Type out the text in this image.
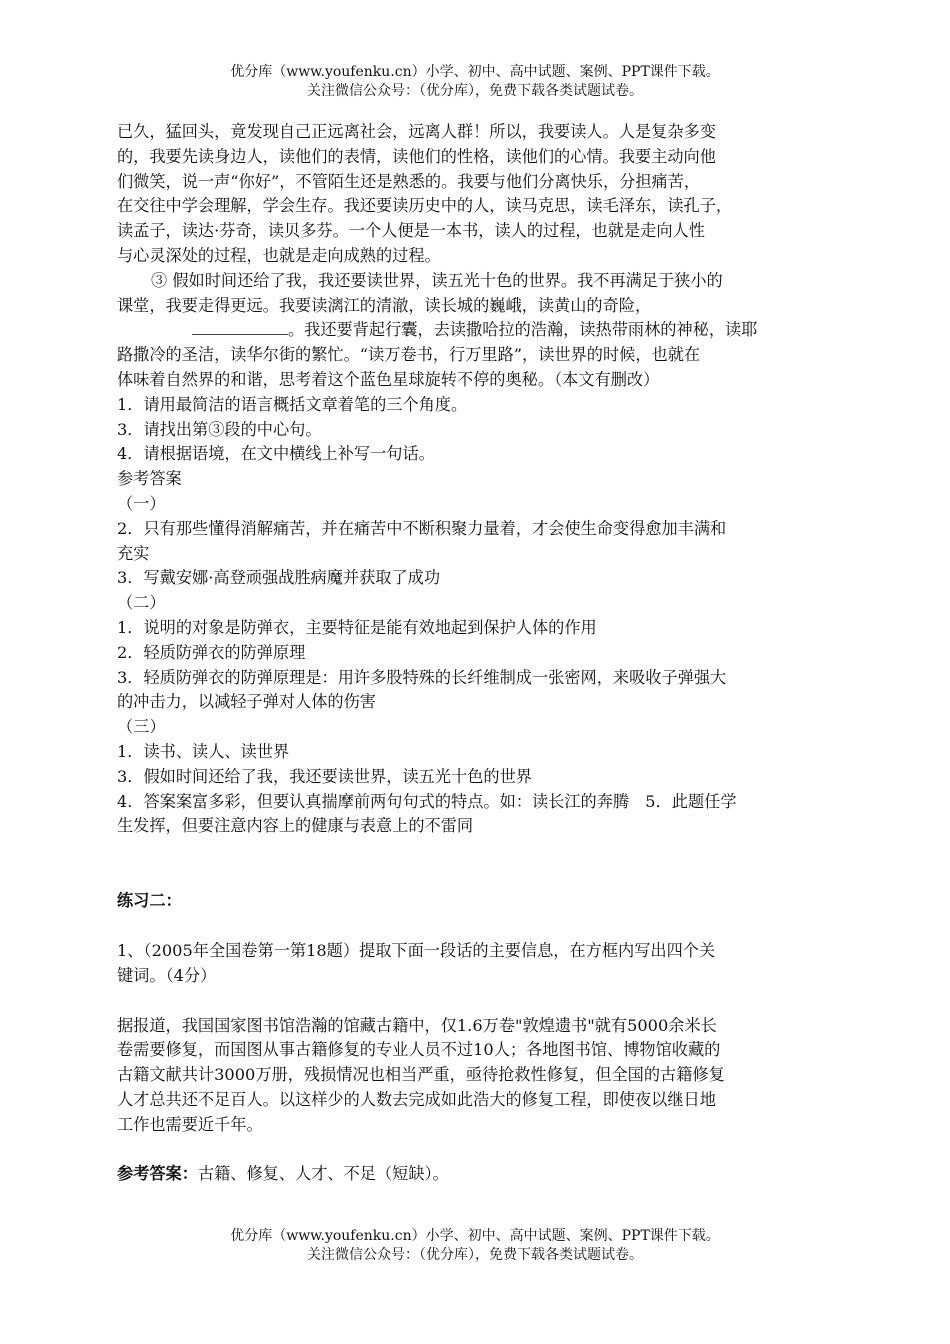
优分库（www.youfenku.cn）小学、初中、高中试题、案例、PPT课件下载。
关注微信公众号：（优分库），免费下载各类试题试卷。

已久，猛回头，竟发现自己正远离社会，远离人群！所以，我要读人。人是复杂多变

的，我要先读身边人，读他们的表情，读他们的性格，读他们的心情。我要主动向他

们微笑，说一声“你好”，不管陌生还是熟悉的。我要与他们分离快乐，分担痛苦，

在交往中学会理解，学会生存。我还要读历史中的人，读马克思，读毛泽东，读孔子，

读孟子，读达·芬奇，读贝多芬。一个人便是一本书，读人的过程，也就是走向人性

与心灵深处的过程，也就是走向成熟的过程。

③ 假如时间还给了我，我还要读世界，读五光十色的世界。我不再满足于狭小的

课堂，我要走得更远。我要读漓江的清澈，读长城的巍峨，读黄山的奇险，

。我还要背起行囊，去读撒哈拉的浩瀚，读热带雨林的神秘，读耶

路撒冷的圣洁，读华尔街的繁忙。“读万卷书，行万里路”，读世界的时候，也就在

体味着自然界的和谐，思考着这个蓝色星球旋转不停的奥秘。（本文有删改）

1．请用最简洁的语言概括文章着笔的三个角度。

3．请找出第③段的中心句。

4．请根据语境，在文中横线上补写一句话。

参考答案

（一）

2．只有那些懂得消解痛苦，并在痛苦中不断积聚力量着，才会使生命变得愈加丰满和

充实

3．写戴安娜·高登顽强战胜病魔并获取了成功

（二）

1．说明的对象是防弹衣，主要特征是能有效地起到保护人体的作用

2．轻质防弹衣的防弹原理

3．轻质防弹衣的防弹原理是：用许多股特殊的长纤维制成一张密网，来吸收子弹强大

的冲击力，以减轻子弹对人体的伤害

（三）

1．读书、读人、读世界

3．假如时间还给了我，我还要读世界，读五光十色的世界

4．答案案富多彩，但要认真揣摩前两句句式的特点。如：读长江的奔腾　5．此题任学

生发挥，但要注意内容上的健康与表意上的不雷同

练习二：

1、（2005年全国卷第一第18题）提取下面一段话的主要信息，在方框内写出四个关

键词。（4分）

据报道，我国国家图书馆浩瀚的馆藏古籍中，仅1.6万卷"敦煌遗书"就有5000余米长

卷需要修复，而国图从事古籍修复的专业人员不过10人；各地图书馆、博物馆收藏的

古籍文献共计3000万册，残损情况也相当严重，亟待抢救性修复，但全国的古籍修复

人才总共还不足百人。以这样少的人数去完成如此浩大的修复工程，即使夜以继日地

工作也需要近千年。

参考答案：古籍、修复、人才、不足（短缺）。

优分库（www.youfenku.cn）小学、初中、高中试题、案例、PPT课件下载。
关注微信公众号：（优分库），免费下载各类试题试卷。
